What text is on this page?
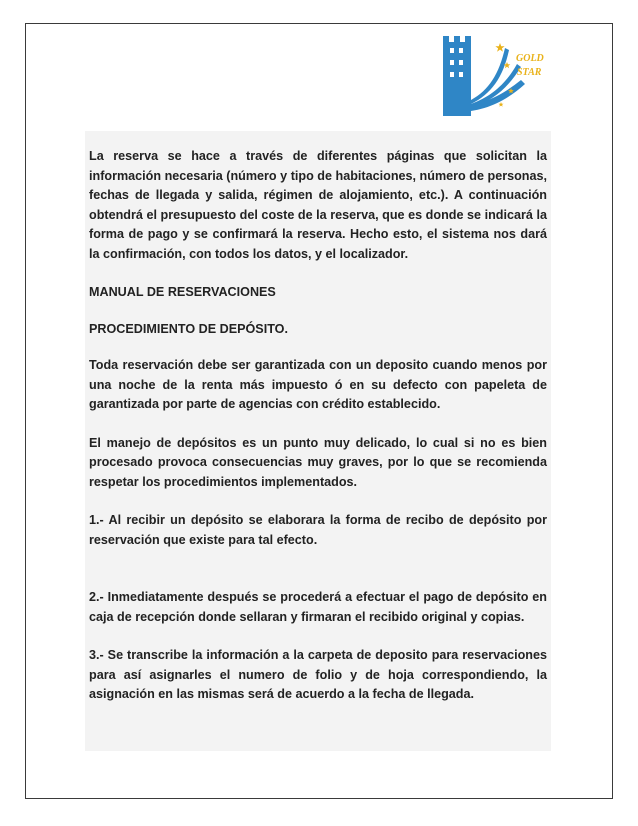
GOLD
STAR

La reserva se hace a través de diferentes páginas que solicitan la información necesaria (número y tipo de habitaciones, número de personas, fechas de llegada y salida, régimen de alojamiento, etc.). A continuación obtendrá el presupuesto del coste de la reserva, que es donde se indicará la forma de pago y se confirmará la reserva. Hecho esto, el sistema nos dará la confirmación, con todos los datos, y el localizador.

MANUAL DE RESERVACIONES

PROCEDIMIENTO DE DEPÓSITO.

Toda reservación debe ser garantizada con un deposito cuando menos por una noche de la renta más impuesto ó en su defecto con papeleta de garantizada por parte de agencias con crédito establecido.

El manejo de depósitos es un punto muy delicado, lo cual si no es bien procesado provoca consecuencias muy graves, por lo que se recomienda respetar los procedimientos implementados.

1.- Al recibir un depósito se elaborara la forma de recibo de depósito por reservación que existe para tal efecto.

2.- Inmediatamente después se procederá a efectuar el pago de depósito en caja de recepción donde sellaran y firmaran el recibido original y copias.

3.- Se transcribe la información a la carpeta de deposito para reservaciones para así asignarles el numero de folio y de hoja correspondiendo, la asignación en las mismas será de acuerdo a la fecha de llegada.
